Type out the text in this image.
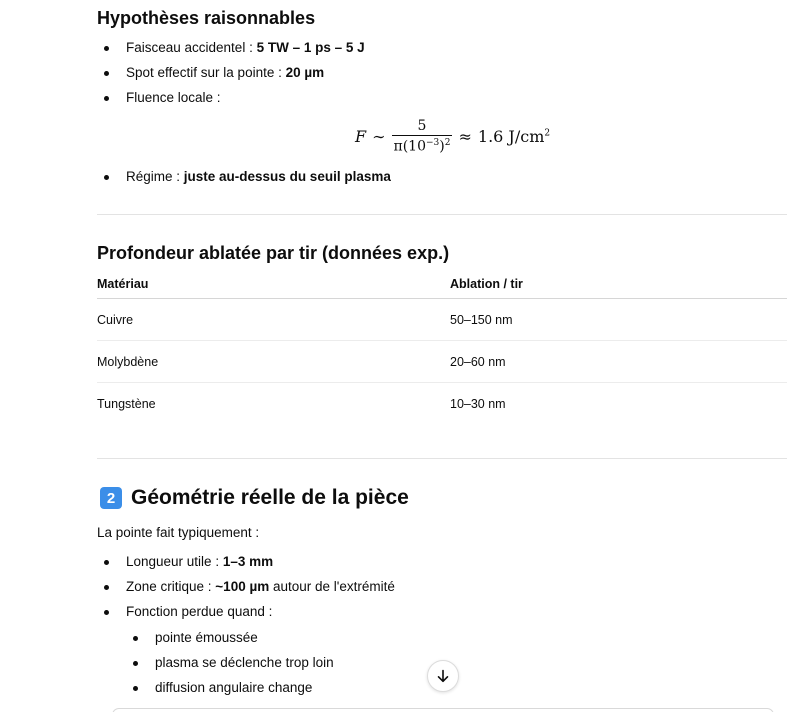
Hypothèses raisonnables
Faisceau accidentel : 5 TW – 1 ps – 5 J
Spot effectif sur la pointe : 20 µm
Fluence locale :
Régime : juste au-dessus du seuil plasma
F ∼ $\frac{5}{\pi(10^{-3})^2} \approx 1.6$ $J/cm^2$
Profondeur ablatée par tir (données exp.)
Matériau	Ablation / tir
Cuivre	50–150 nm
Molybdène	20–60 nm
Tungstène	10–30 nm
2 Géométrie réelle de la pièce
La pointe fait typiquement :
Longueur utile : 1–3 mm
Zone critique : ~100 µm autour de l'extrémité
Fonction perdue quand :
pointe émoussée
plasma se déclenche trop loin
diffusion angulaire change
